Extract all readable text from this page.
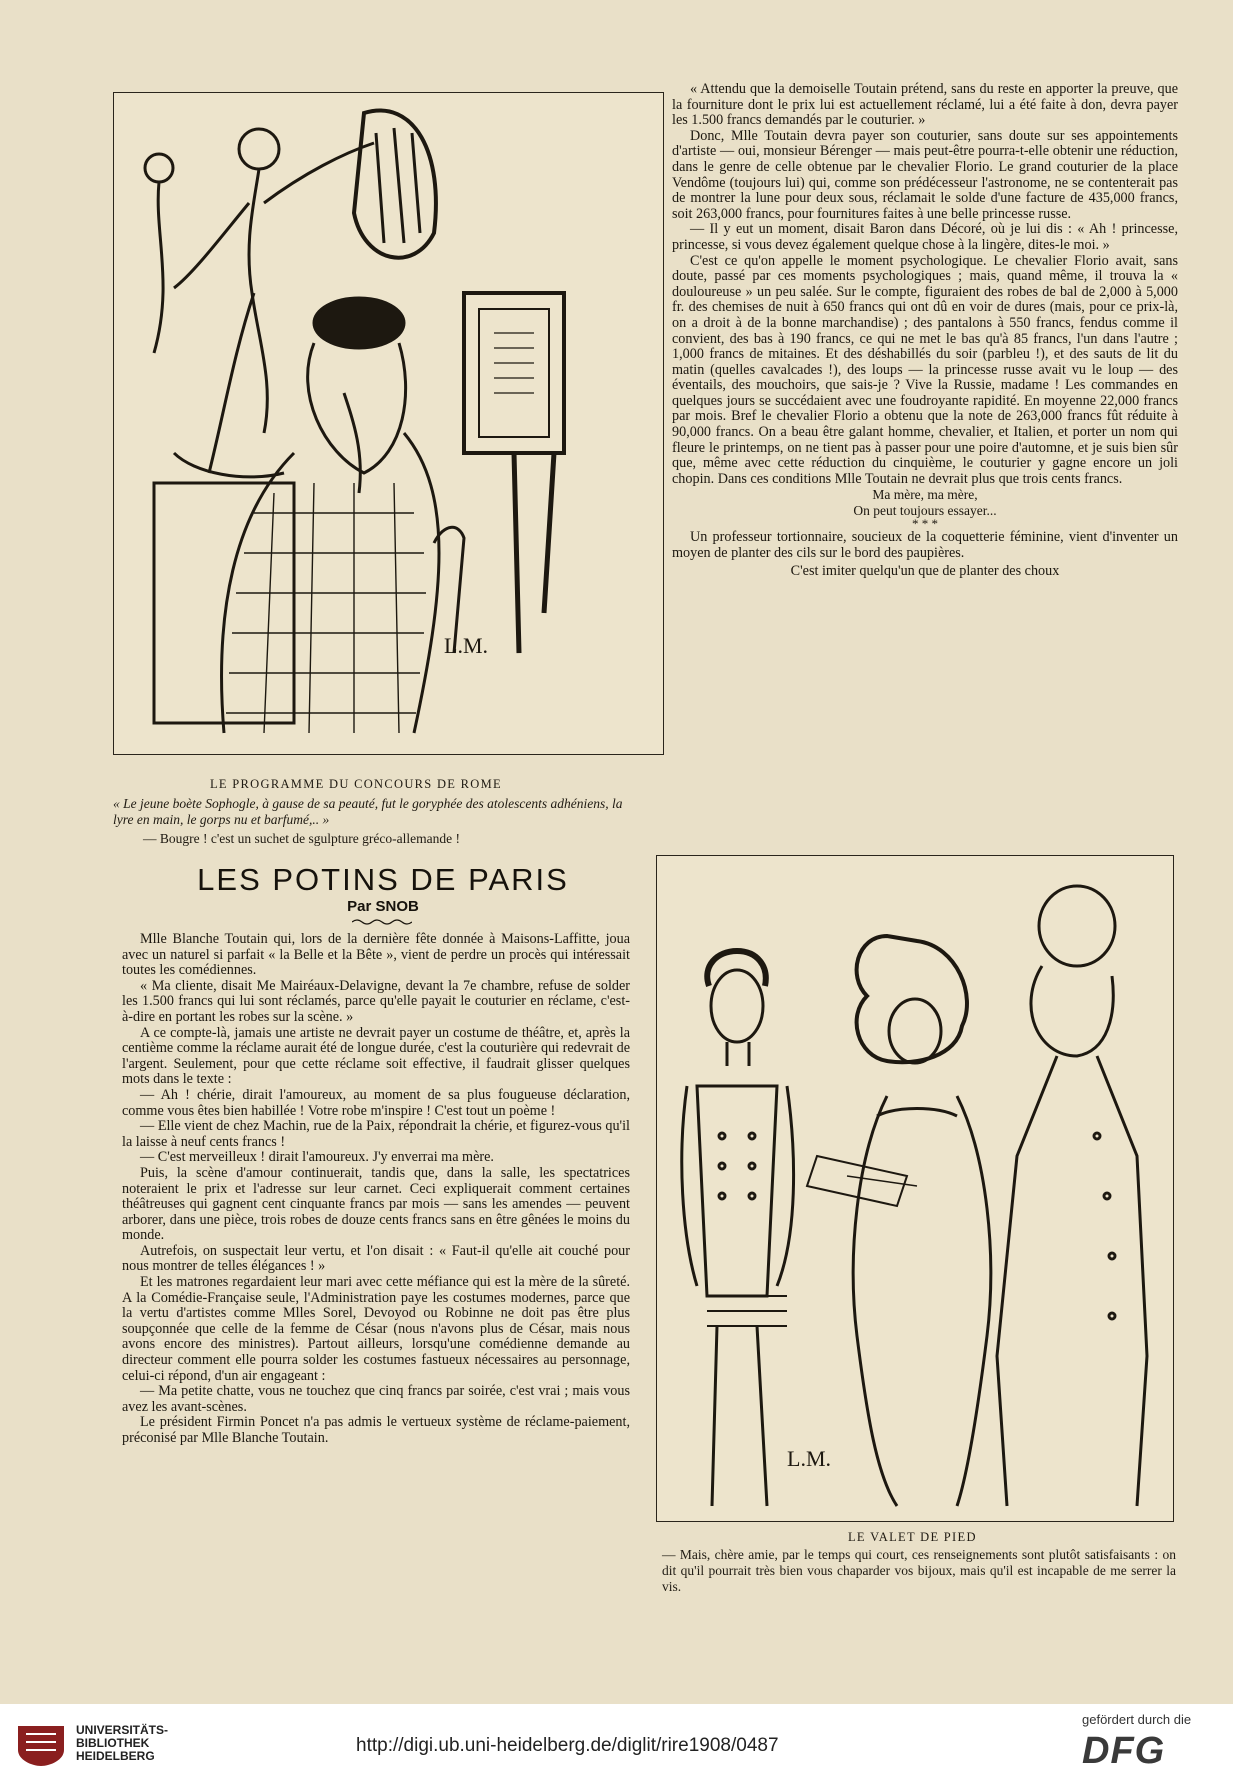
L.M.
LE PROGRAMME DU CONCOURS DE ROME
« Le jeune boète Sophogle, à gause de sa peauté, fut le goryphée des atolescents adhéniens, la lyre en main, le gorps nu et barfumé,.. »
— Bougre ! c'est un suchet de sgulpture gréco-allemande !
LES POTINS DE PARIS
Par SNOB

Mlle Blanche Toutain qui, lors de la dernière fête donnée à Maisons-Laffitte, joua avec un naturel si parfait « la Belle et la Bête », vient de perdre un procès qui intéressait toutes les comédiennes.

« Ma cliente, disait Me Mairéaux-Delavigne, devant la 7e chambre, refuse de solder les 1.500 francs qui lui sont réclamés, parce qu'elle payait le couturier en réclame, c'est-à-dire en portant les robes sur la scène. »

A ce compte-là, jamais une artiste ne devrait payer un costume de théâtre, et, après la centième comme la réclame aurait été de longue durée, c'est la couturière qui redevrait de l'argent. Seulement, pour que cette réclame soit effective, il faudrait glisser quelques mots dans le texte :

— Ah ! chérie, dirait l'amoureux, au moment de sa plus fougueuse déclaration, comme vous êtes bien habillée ! Votre robe m'inspire ! C'est tout un poème !

— Elle vient de chez Machin, rue de la Paix, répondrait la chérie, et figurez-vous qu'il la laisse à neuf cents francs !

— C'est merveilleux ! dirait l'amoureux. J'y enverrai ma mère.

Puis, la scène d'amour continuerait, tandis que, dans la salle, les spectatrices noteraient le prix et l'adresse sur leur carnet. Ceci expliquerait comment certaines théâtreuses qui gagnent cent cinquante francs par mois — sans les amendes — peuvent arborer, dans une pièce, trois robes de douze cents francs sans en être gênées le moins du monde.

Autrefois, on suspectait leur vertu, et l'on disait : « Faut-il qu'elle ait couché pour nous montrer de telles élégances ! »

Et les matrones regardaient leur mari avec cette méfiance qui est la mère de la sûreté. A la Comédie-Française seule, l'Administration paye les costumes modernes, parce que la vertu d'artistes comme Mlles Sorel, Devoyod ou Robinne ne doit pas être plus soupçonnée que celle de la femme de César (nous n'avons plus de César, mais nous avons encore des ministres). Partout ailleurs, lorsqu'une comédienne demande au directeur comment elle pourra solder les costumes fastueux nécessaires au personnage, celui-ci répond, d'un air engageant :

— Ma petite chatte, vous ne touchez que cinq francs par soirée, c'est vrai ; mais vous avez les avant-scènes.

Le président Firmin Poncet n'a pas admis le vertueux système de réclame-paiement, préconisé par Mlle Blanche Toutain.

« Attendu que la demoiselle Toutain prétend, sans du reste en apporter la preuve, que la fourniture dont le prix lui est actuellement réclamé, lui a été faite à don, devra payer les 1.500 francs demandés par le couturier. »

Donc, Mlle Toutain devra payer son couturier, sans doute sur ses appointements d'artiste — oui, monsieur Bérenger — mais peut-être pourra-t-elle obtenir une réduction, dans le genre de celle obtenue par le chevalier Florio. Le grand couturier de la place Vendôme (toujours lui) qui, comme son prédécesseur l'astronome, ne se contenterait pas de montrer la lune pour deux sous, réclamait le solde d'une facture de 435,000 francs, soit 263,000 francs, pour fournitures faites à une belle princesse russe.

— Il y eut un moment, disait Baron dans Décoré, où je lui dis : « Ah ! princesse, princesse, si vous devez également quelque chose à la lingère, dites-le moi. »

C'est ce qu'on appelle le moment psychologique. Le chevalier Florio avait, sans doute, passé par ces moments psychologiques ; mais, quand même, il trouva la « douloureuse » un peu salée. Sur le compte, figuraient des robes de bal de 2,000 à 5,000 fr. des chemises de nuit à 650 francs qui ont dû en voir de dures (mais, pour ce prix-là, on a droit à de la bonne marchandise) ; des pantalons à 550 francs, fendus comme il convient, des bas à 190 francs, ce qui ne met le bas qu'à 85 francs, l'un dans l'autre ; 1,000 francs de mitaines. Et des déshabillés du soir (parbleu !), et des sauts de lit du matin (quelles cavalcades !), des loups — la princesse russe avait vu le loup — des éventails, des mouchoirs, que sais-je ? Vive la Russie, madame ! Les commandes en quelques jours se succédaient avec une foudroyante rapidité. En moyenne 22,000 francs par mois. Bref le chevalier Florio a obtenu que la note de 263,000 francs fût réduite à 90,000 francs. On a beau être galant homme, chevalier, et Italien, et porter un nom qui fleure le printemps, on ne tient pas à passer pour une poire d'automne, et je suis bien sûr que, même avec cette réduction du cinquième, le couturier y gagne encore un joli chopin. Dans ces conditions Mlle Toutain ne devrait plus que trois cents francs.

Ma mère, ma mère,
On peut toujours essayer...
* * *

Un professeur tortionnaire, soucieux de la coquetterie féminine, vient d'inventer un moyen de planter des cils sur le bord des paupières.

C'est imiter quelqu'un que de planter des choux
L.M.
LE VALET DE PIED
— Mais, chère amie, par le temps qui court, ces renseignements sont plutôt satisfaisants : on dit qu'il pourrait très bien vous chaparder vos bijoux, mais qu'il est incapable de me serrer la vis.
UNIVERSITÄTS-
BIBLIOTHEK
HEIDELBERG	http://digi.ub.uni-heidelberg.de/diglit/rire1908/0487
gefördert durch die
DFG
